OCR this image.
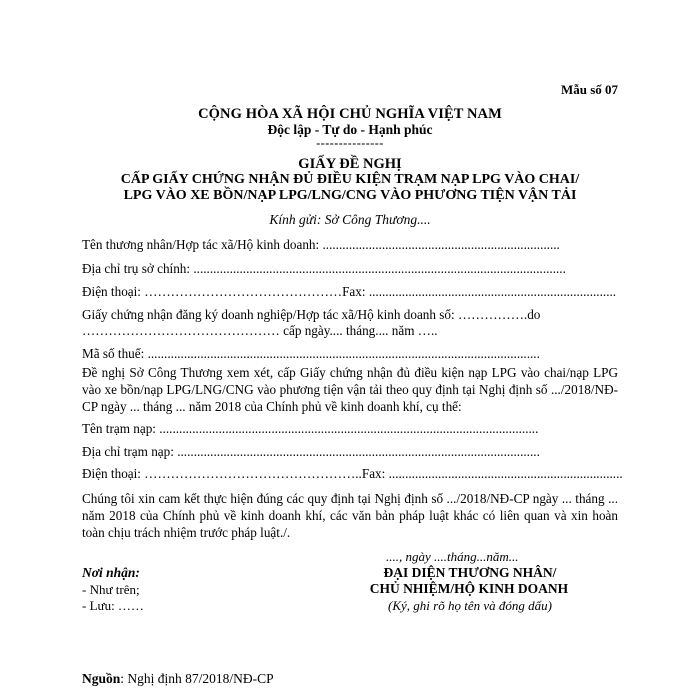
Mẫu số 07
CỘNG HÒA XÃ HỘI CHỦ NGHĨA VIỆT NAM
Độc lập - Tự do - Hạnh phúc
---------------
GIẤY ĐỀ NGHỊ
CẤP GIẤY CHỨNG NHẬN ĐỦ ĐIỀU KIỆN TRẠM NẠP LPG VÀO CHAI/
LPG VÀO XE BỒN/NẠP LPG/LNG/CNG VÀO PHƯƠNG TIỆN VẬN TẢI
Kính gửi: Sở Công Thương....
Tên thương nhân/Hợp tác xã/Hộ kinh doanh: ........................................................................
Địa chỉ trụ sở chính: .................................................................................................................
Điện thoại: ………………………………………Fax: ...........................................................................
Giấy chứng nhận đăng ký doanh nghiệp/Hợp tác xã/Hộ kinh doanh số: …………….do
……………………………………… cấp ngày.... tháng.... năm …..
Mã số thuế: .......................................................................................................................
Đề nghị Sở Công Thương xem xét, cấp Giấy chứng nhận đủ điều kiện nạp LPG vào chai/nạp LPG vào xe bồn/nạp LPG/LNG/CNG vào phương tiện vận tải theo quy định tại Nghị định số .../2018/NĐ-CP ngày ... tháng ... năm 2018 của Chính phủ về kinh doanh khí, cụ thể:
Tên trạm nạp: ...................................................................................................................
Địa chỉ trạm nạp: ..............................................................................................................
Điện thoại: …………………………………………..Fax: .......................................................................
Chúng tôi xin cam kết thực hiện đúng các quy định tại Nghị định số .../2018/NĐ-CP ngày ... tháng ... năm 2018 của Chính phủ về kinh doanh khí, các văn bản pháp luật khác có liên quan và xin hoàn toàn chịu trách nhiệm trước pháp luật./.
...., ngày ....tháng...năm...
ĐẠI DIỆN THƯƠNG NHÂN/
CHỦ NHIỆM/HỘ KINH DOANH
(Ký, ghi rõ họ tên và đóng dấu)
Nơi nhận:
- Như trên;
- Lưu: ……
Nguồn: Nghị định 87/2018/NĐ-CP
